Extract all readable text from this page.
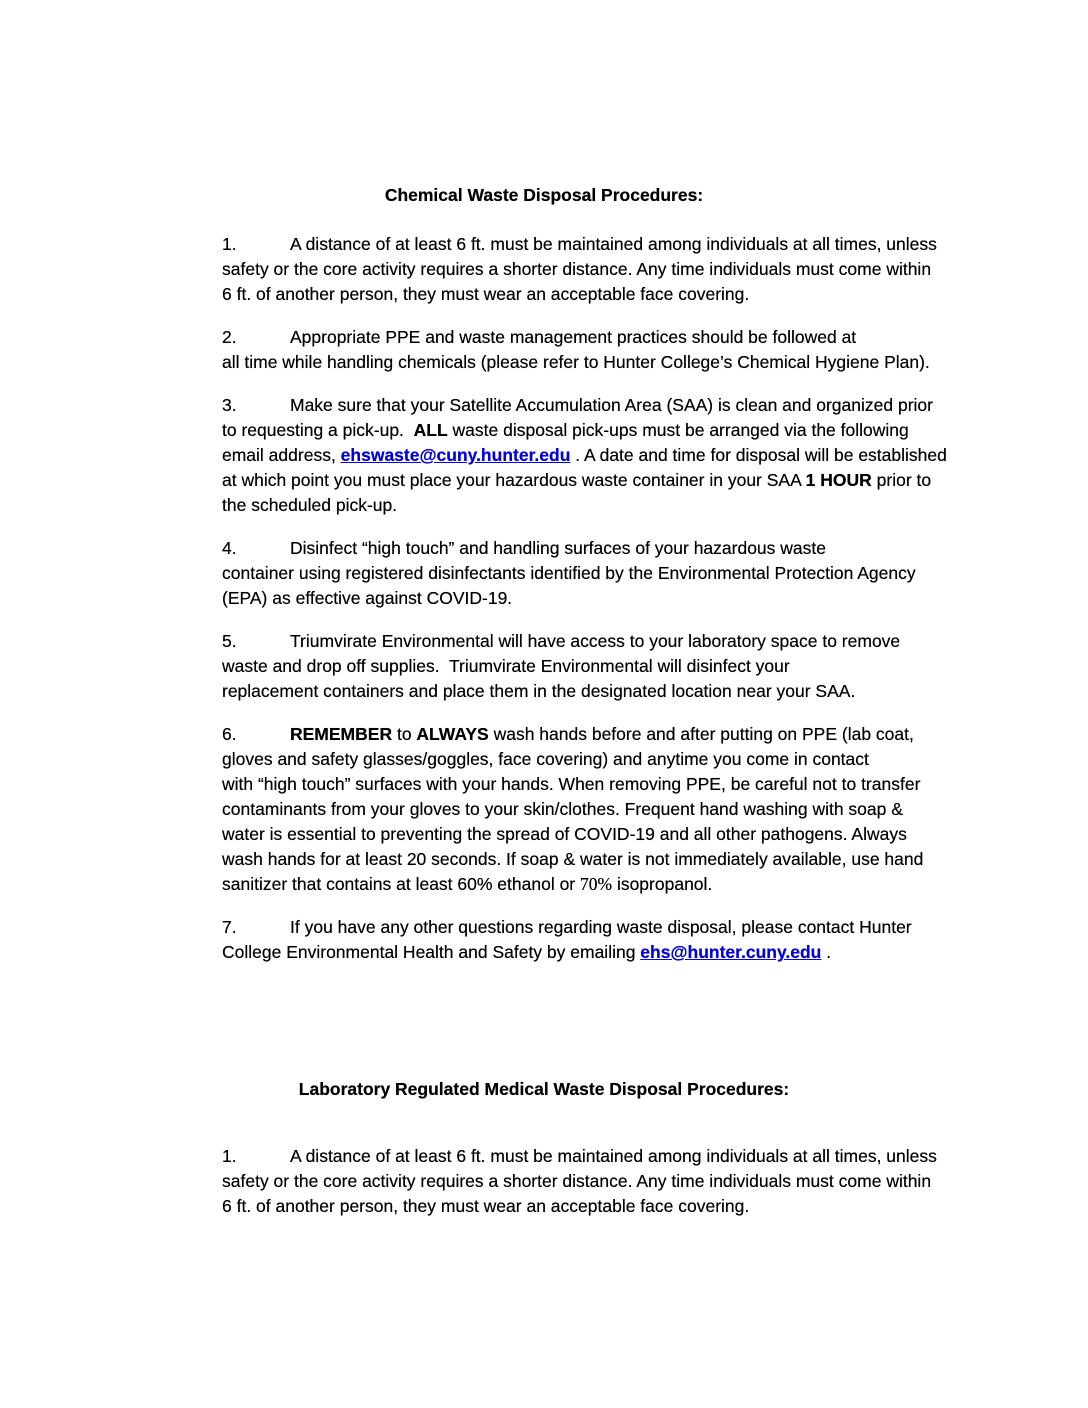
Chemical Waste Disposal Procedures:
1.	A distance of at least 6 ft. must be maintained among individuals at all times, unless
safety or the core activity requires a shorter distance. Any time individuals must come within
6 ft. of another person, they must wear an acceptable face covering.
2.	Appropriate PPE and waste management practices should be followed at
all time while handling chemicals (please refer to Hunter College’s Chemical Hygiene Plan).
3.	Make sure that your Satellite Accumulation Area (SAA) is clean and organized prior
to requesting a pick-up.  ALL waste disposal pick-ups must be arranged via the following
email address, ehswaste@cuny.hunter.edu . A date and time for disposal will be established
at which point you must place your hazardous waste container in your SAA 1 HOUR prior to
the scheduled pick-up.
4.	Disinfect “high touch” and handling surfaces of your hazardous waste
container using registered disinfectants identified by the Environmental Protection Agency
(EPA) as effective against COVID-19.
5.	Triumvirate Environmental will have access to your laboratory space to remove
waste and drop off supplies.  Triumvirate Environmental will disinfect your
replacement containers and place them in the designated location near your SAA.
6.	REMEMBER to ALWAYS wash hands before and after putting on PPE (lab coat,
gloves and safety glasses/goggles, face covering) and anytime you come in contact
with “high touch” surfaces with your hands. When removing PPE, be careful not to transfer
contaminants from your gloves to your skin/clothes. Frequent hand washing with soap &
water is essential to preventing the spread of COVID-19 and all other pathogens. Always
wash hands for at least 20 seconds. If soap & water is not immediately available, use hand
sanitizer that contains at least 60% ethanol or 70% isopropanol.
7.	If you have any other questions regarding waste disposal, please contact Hunter
College Environmental Health and Safety by emailing ehs@hunter.cuny.edu .
Laboratory Regulated Medical Waste Disposal Procedures:
1.	A distance of at least 6 ft. must be maintained among individuals at all times, unless
safety or the core activity requires a shorter distance. Any time individuals must come within
6 ft. of another person, they must wear an acceptable face covering.
